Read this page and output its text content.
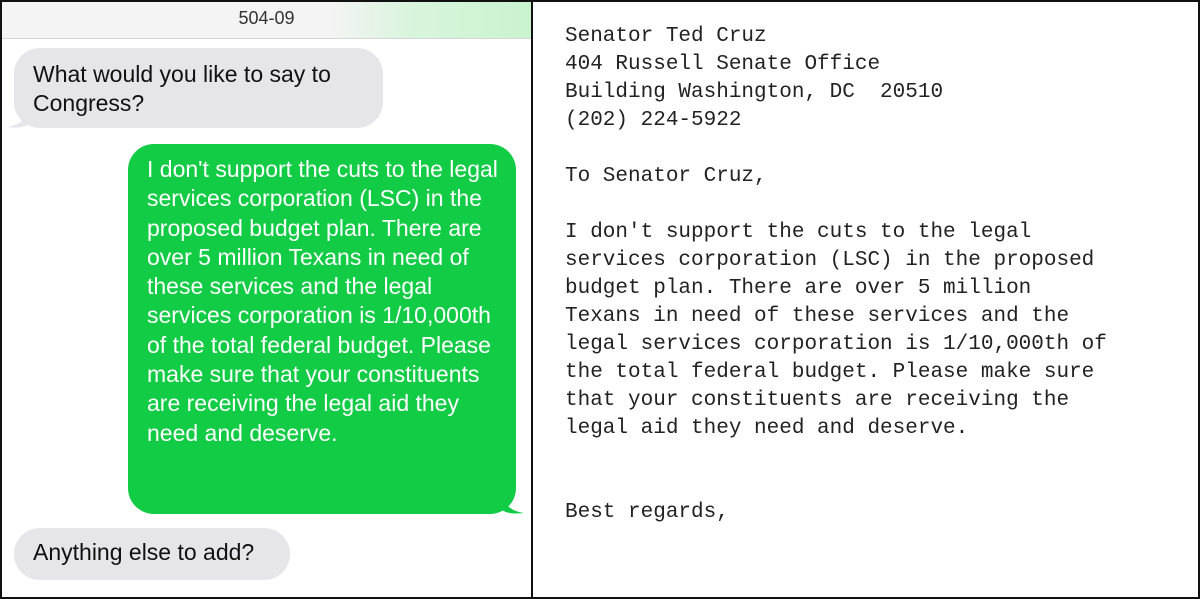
504-09
What would you like to say to Congress?
I don't support the cuts to the legal services corporation (LSC) in the proposed budget plan. There are over 5 million Texans in need of these services and the legal services corporation is 1/10,000th of the total federal budget. Please make sure that your constituents are receiving the legal aid they need and deserve.
Anything else to add?
Senator Ted Cruz
404 Russell Senate Office
Building Washington, DC  20510
(202) 224-5922
To Senator Cruz,
I don't support the cuts to the legal
services corporation (LSC) in the proposed
budget plan. There are over 5 million
Texans in need of these services and the
legal services corporation is 1/10,000th of
the total federal budget. Please make sure
that your constituents are receiving the
legal aid they need and deserve.
Best regards,
